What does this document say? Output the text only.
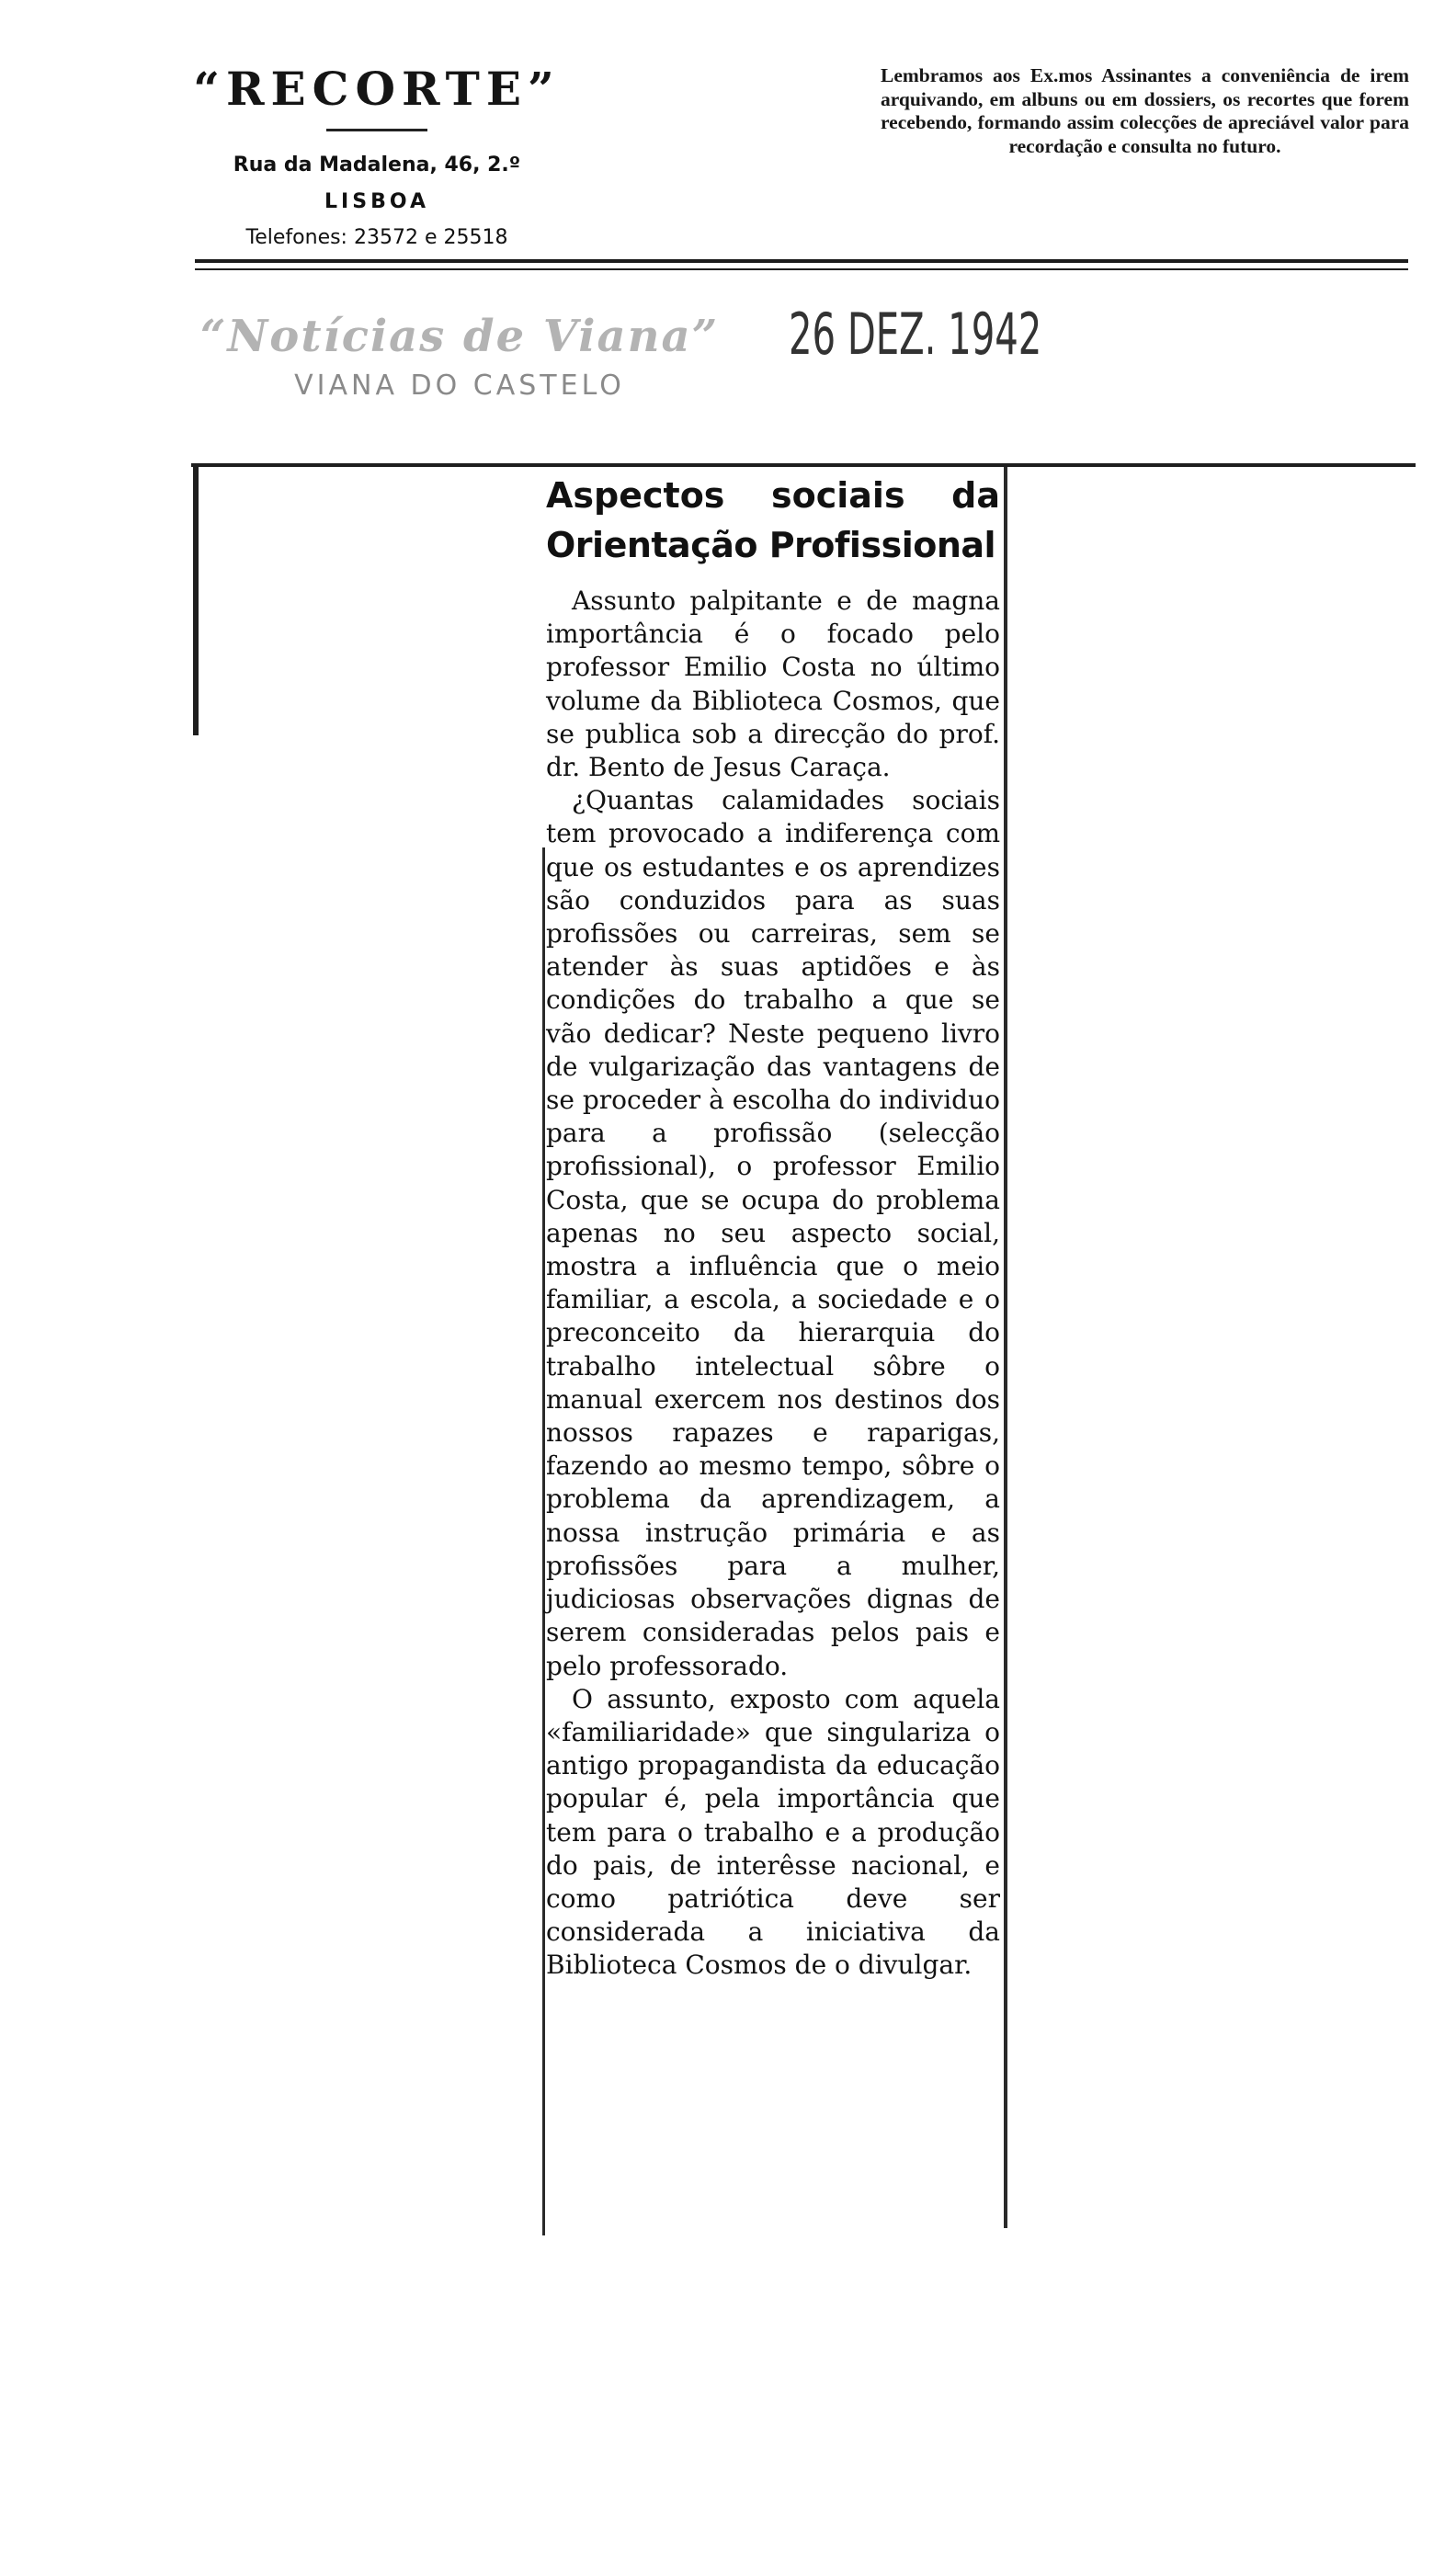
“RECORTE”
Rua da Madalena, 46, 2.º
LISBOA
Telefones: 23572 e 25518
Lembramos aos Ex.mos Assinantes a conveniência de irem arquivando, em albuns ou em dossiers, os recortes que forem recebendo, formando assim colecções de apreciável valor para recordação e consulta no futuro.
“Notícias de Viana”
VIANA DO CASTELO
26 DEZ. 1942
Aspectos sociais da
Orientação Profissional

Assunto palpitante e de magna importância é o focado pelo professor Emilio Costa no último volume da Biblioteca Cosmos, que se publica sob a direcção do prof. dr. Bento de Jesus Caraça.

¿Quantas calamidades sociais tem provocado a indiferença com que os estudantes e os aprendizes são conduzidos para as suas profissões ou carreiras, sem se atender às suas aptidões e às condições do trabalho a que se vão dedicar? Neste pequeno livro de vulgarização das vantagens de se proceder à escolha do individuo para a profissão (selecção profissional), o professor Emilio Costa, que se ocupa do problema apenas no seu aspecto social, mostra a influência que o meio familiar, a escola, a sociedade e o preconceito da hierarquia do trabalho intelectual sôbre o manual exercem nos destinos dos nossos rapazes e raparigas, fazendo ao mesmo tempo, sôbre o problema da aprendizagem, a nossa instrução primária e as profissões para a mulher, judiciosas observações dignas de serem consideradas pelos pais e pelo professorado.

O assunto, exposto com aquela «familiaridade» que singulariza o antigo propagandista da educação popular é, pela importância que tem para o trabalho e a produção do pais, de interêsse nacional, e como patriótica deve ser considerada a iniciativa da Biblioteca Cosmos de o divulgar.
